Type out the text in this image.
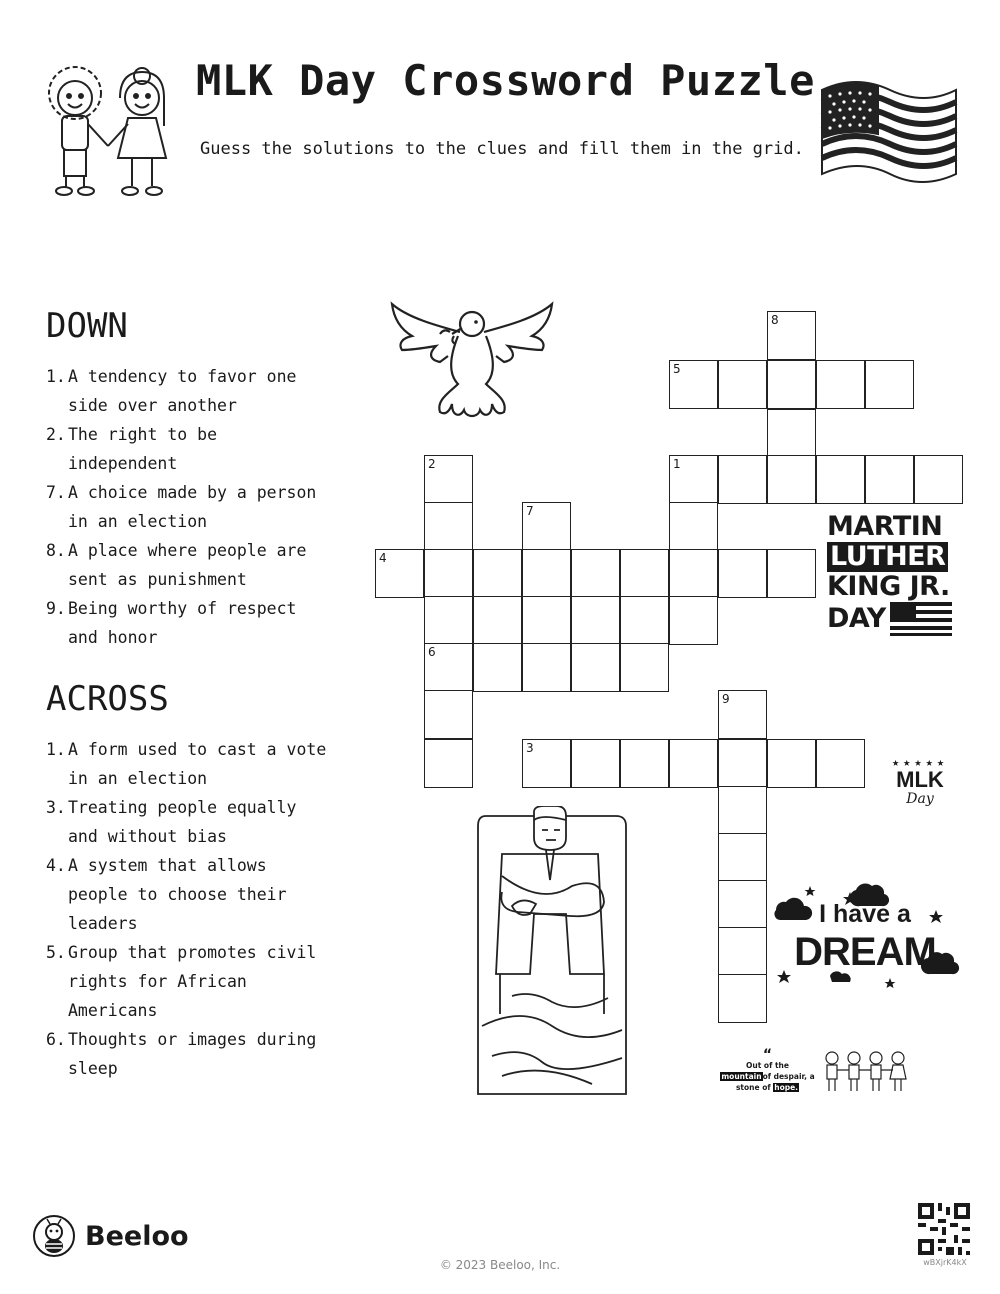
MLK Day Crossword Puzzle
Guess the solutions to the clues and fill them in the grid.
DOWN
1. A tendency to favor one side over another
2. The right to be independent
7. A choice made by a person in an election
8. A place where people are sent as punishment
9. Being worthy of respect and honor
ACROSS
1. A form used to cast a vote in an election
3. Treating people equally and without bias
4. A system that allows people to choose their leaders
5. Group that promotes civil rights for African Americans
6. Thoughts or images during sleep
8
5
2	1
7
4
6
9
3
MARTIN
LUTHER
KING JR.
DAY
★★★★★
MLK
Day
I have a
DREAM
“
Out of the mountainof despair, a stone of hope.
Beeloo
© 2023 Beeloo, Inc.	wBXjrK4kX
